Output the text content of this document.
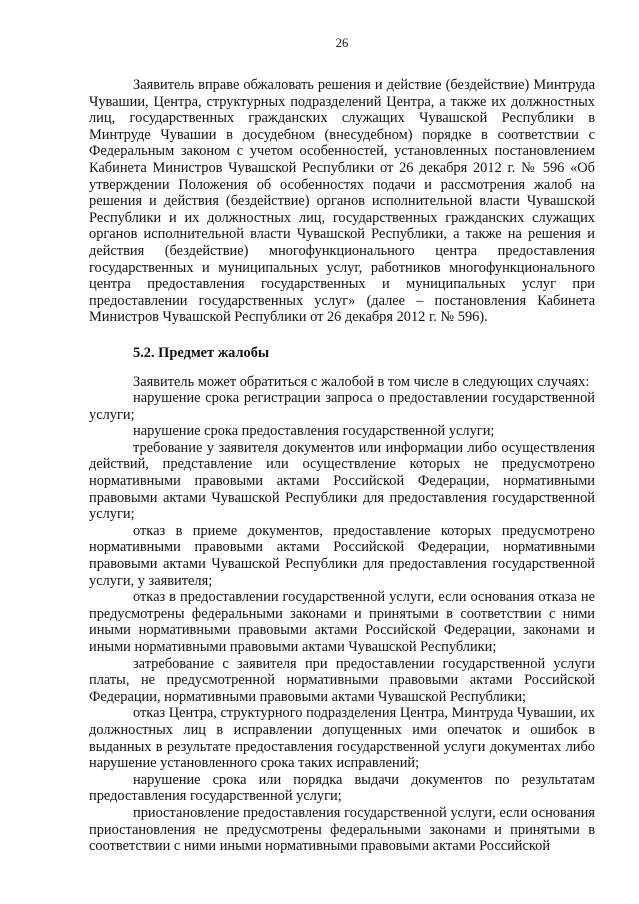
26

Заявитель вправе обжаловать решения и действие (бездействие) Минтруда Чувашии, Центра, структурных подразделений Центра, а также их должностных лиц, государственных гражданских служащих Чувашской Республики в Минтруде Чувашии в досудебном (внесудебном) порядке в соответствии с Федеральным законом с учетом особенностей, установленных постановлением Кабинета Министров Чувашской Республики от 26 декабря 2012 г. № 596 «Об утверждении Положения об особенностях подачи и рассмотрения жалоб на решения и действия (бездействие) органов исполнительной власти Чувашской Республики и их должностных лиц, государственных гражданских служащих органов исполнительной власти Чувашской Республики, а также на решения и действия (бездействие) многофункционального центра предоставления государственных и муниципальных услуг, работников многофункционального центра предоставления государственных и муниципальных услуг при предоставлении государственных услуг» (далее – постановления Кабинета Министров Чувашской Республики от 26 декабря 2012 г. № 596).

5.2. Предмет жалобы

Заявитель может обратиться с жалобой в том числе в следующих случаях:

нарушение срока регистрации запроса о предоставлении государственной услуги;

нарушение срока предоставления государственной услуги;

требование у заявителя документов или информации либо осуществления действий, представление или осуществление которых не предусмотрено нормативными правовыми актами Российской Федерации, нормативными правовыми актами Чувашской Республики для предоставления государственной услуги;

отказ в приеме документов, предоставление которых предусмотрено нормативными правовыми актами Российской Федерации, нормативными правовыми актами Чувашской Республики для предоставления государственной услуги, у заявителя;

отказ в предоставлении государственной услуги, если основания отказа не предусмотрены федеральными законами и принятыми в соответствии с ними иными нормативными правовыми актами Российской Федерации, законами и иными нормативными правовыми актами Чувашской Республики;

затребование с заявителя при предоставлении государственной услуги платы, не предусмотренной нормативными правовыми актами Российской Федерации, нормативными правовыми актами Чувашской Республики;

отказ Центра, структурного подразделения Центра, Минтруда Чувашии, их должностных лиц в исправлении допущенных ими опечаток и ошибок в выданных в результате предоставления государственной услуги документах либо нарушение установленного срока таких исправлений;

нарушение срока или порядка выдачи документов по результатам предоставления государственной услуги;

приостановление предоставления государственной услуги, если основания приостановления не предусмотрены федеральными законами и принятыми в соответствии с ними иными нормативными правовыми актами Российской
